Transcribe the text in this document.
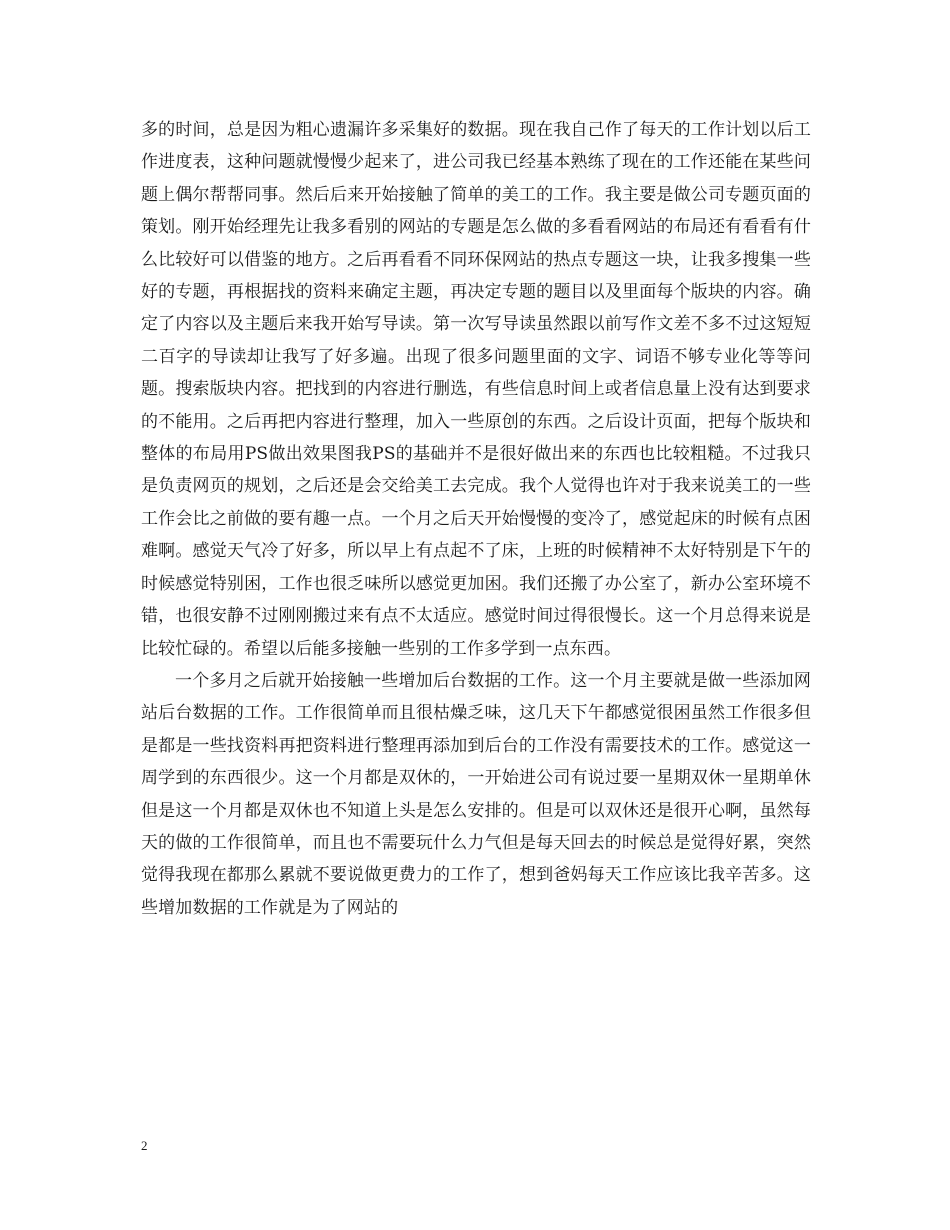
多的时间，总是因为粗心遗漏许多采集好的数据。现在我自己作了每天的工作计划以后工作进度表，这种问题就慢慢少起来了，进公司我已经基本熟练了现在的工作还能在某些问题上偶尔帮帮同事。然后后来开始接触了简单的美工的工作。我主要是做公司专题页面的策划。刚开始经理先让我多看别的网站的专题是怎么做的多看看网站的布局还有看看有什么比较好可以借鉴的地方。之后再看看不同环保网站的热点专题这一块，让我多搜集一些好的专题，再根据找的资料来确定主题，再决定专题的题目以及里面每个版块的内容。确定了内容以及主题后来我开始写导读。第一次写导读虽然跟以前写作文差不多不过这短短二百字的导读却让我写了好多遍。出现了很多问题里面的文字、词语不够专业化等等问题。搜索版块内容。把找到的内容进行删选，有些信息时间上或者信息量上没有达到要求的不能用。之后再把内容进行整理，加入一些原创的东西。之后设计页面，把每个版块和整体的布局用PS做出效果图我PS的基础并不是很好做出来的东西也比较粗糙。不过我只是负责网页的规划，之后还是会交给美工去完成。我个人觉得也许对于我来说美工的一些工作会比之前做的要有趣一点。一个月之后天开始慢慢的变冷了，感觉起床的时候有点困难啊。感觉天气冷了好多，所以早上有点起不了床，上班的时候精神不太好特别是下午的时候感觉特别困，工作也很乏味所以感觉更加困。我们还搬了办公室了，新办公室环境不错，也很安静不过刚刚搬过来有点不太适应。感觉时间过得很慢长。这一个月总得来说是比较忙碌的。希望以后能多接触一些别的工作多学到一点东西。

一个多月之后就开始接触一些增加后台数据的工作。这一个月主要就是做一些添加网站后台数据的工作。工作很简单而且很枯燥乏味，这几天下午都感觉很困虽然工作很多但是都是一些找资料再把资料进行整理再添加到后台的工作没有需要技术的工作。感觉这一周学到的东西很少。这一个月都是双休的，一开始进公司有说过要一星期双休一星期单休但是这一个月都是双休也不知道上头是怎么安排的。但是可以双休还是很开心啊，虽然每天的做的工作很简单，而且也不需要玩什么力气但是每天回去的时候总是觉得好累，突然觉得我现在都那么累就不要说做更费力的工作了，想到爸妈每天工作应该比我辛苦多。这些增加数据的工作就是为了网站的

2
